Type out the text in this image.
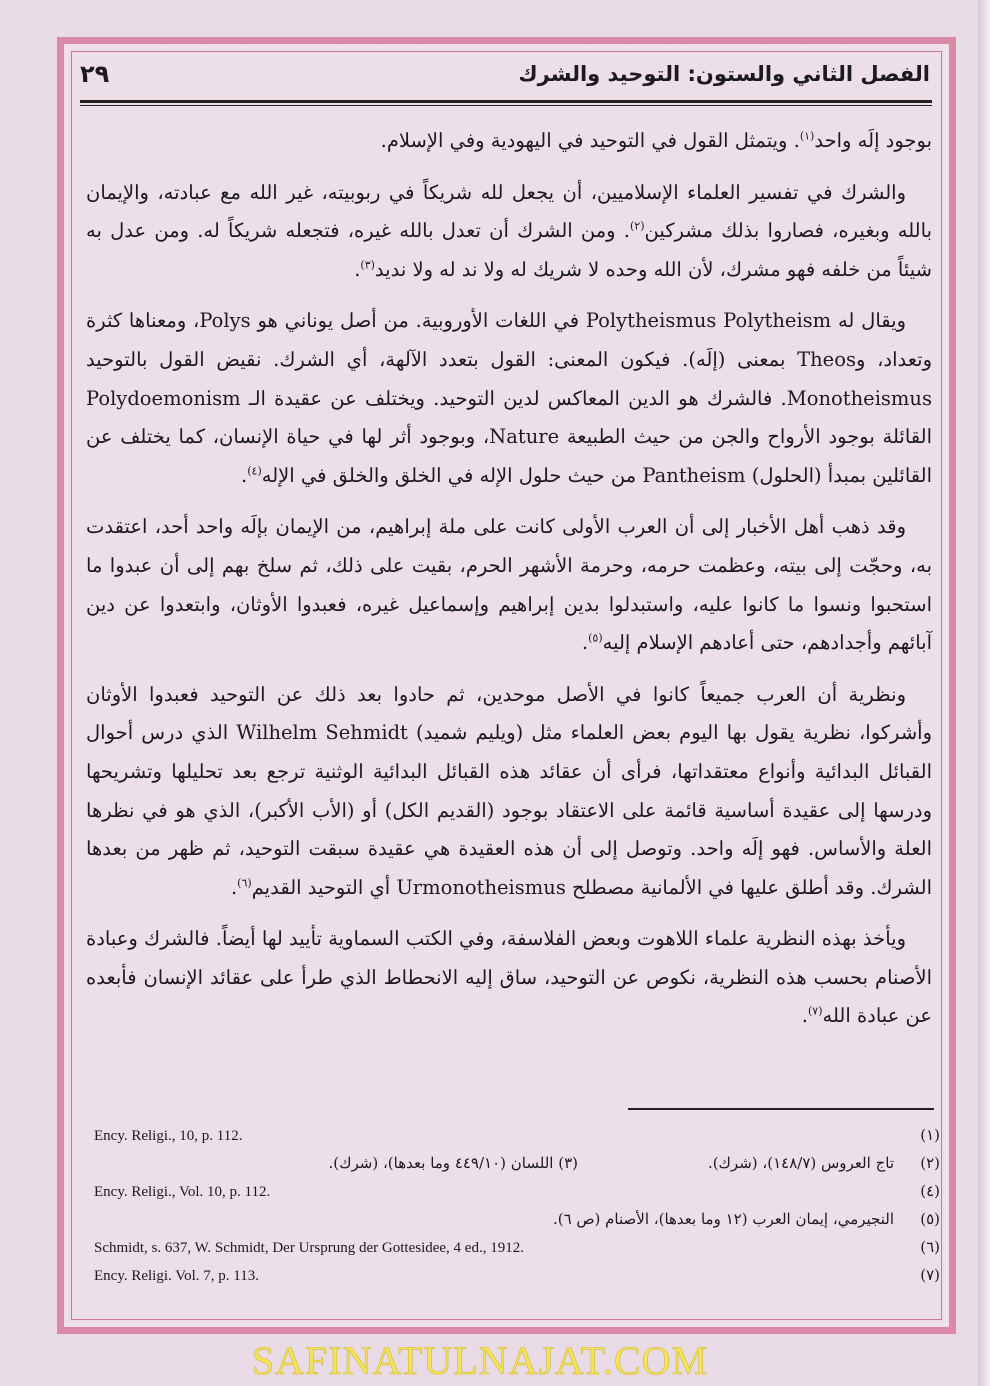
الفصل الثاني والستون: التوحيد والشرك
٢٩

بوجود إلَه واحد$^{(١)}$. ويتمثل القول في التوحيد في اليهودية وفي الإسلام.

والشرك في تفسير العلماء الإسلاميين، أن يجعل لله شريكاً في ربوبيته، غير الله مع عبادته، والإيمان بالله وبغيره، فصاروا بذلك مشركين$^{(٢)}$. ومن الشرك أن تعدل بالله غيره، فتجعله شريكاً له. ومن عدل به شيئاً من خلفه فهو مشرك، لأن الله وحده لا شريك له ولا ند له ولا نديد$^{(٣)}$.

ويقال له Polytheismus Polytheism في اللغات الأوروبية. من أصل يوناني هو Polys، ومعناها كثرة وتعداد، وTheos بمعنى (إلَه). فيكون المعنى: القول بتعدد الآلهة، أي الشرك. نقيض القول بالتوحيد Monotheismus. فالشرك هو الدين المعاكس لدين التوحيد. ويختلف عن عقيدة الـ Polydoemonism القائلة بوجود الأرواح والجن من حيث الطبيعة Nature، وبوجود أثر لها في حياة الإنسان، كما يختلف عن القائلين بمبدأ (الحلول) Pantheism من حيث حلول الإله في الخلق والخلق في الإله$^{(٤)}$.

وقد ذهب أهل الأخبار إلى أن العرب الأولى كانت على ملة إبراهيم، من الإيمان بإلَه واحد أحد، اعتقدت به، وحجّت إلى بيته، وعظمت حرمه، وحرمة الأشهر الحرم، بقيت على ذلك، ثم سلخ بهم إلى أن عبدوا ما استحبوا ونسوا ما كانوا عليه، واستبدلوا بدين إبراهيم وإسماعيل غيره، فعبدوا الأوثان، وابتعدوا عن دين آبائهم وأجدادهم، حتى أعادهم الإسلام إليه$^{(٥)}$.

ونظرية أن العرب جميعاً كانوا في الأصل موحدين، ثم حادوا بعد ذلك عن التوحيد فعبدوا الأوثان وأشركوا، نظرية يقول بها اليوم بعض العلماء مثل (ويليم شميد) Wilhelm Sehmidt الذي درس أحوال القبائل البدائية وأنواع معتقداتها، فرأى أن عقائد هذه القبائل البدائية الوثنية ترجع بعد تحليلها وتشريحها ودرسها إلى عقيدة أساسية قائمة على الاعتقاد بوجود (القديم الكل) أو (الأب الأكبر)، الذي هو في نظرها العلة والأساس. فهو إلَه واحد. وتوصل إلى أن هذه العقيدة هي عقيدة سبقت التوحيد، ثم ظهر من بعدها الشرك. وقد أطلق عليها في الألمانية مصطلح Urmonotheismus أي التوحيد القديم$^{(٦)}$.

ويأخذ بهذه النظرية علماء اللاهوت وبعض الفلاسفة، وفي الكتب السماوية تأييد لها أيضاً. فالشرك وعبادة الأصنام بحسب هذه النظرية، نكوص عن التوحيد، ساق إليه الانحطاط الذي طرأ على عقائد الإنسان فأبعده عن عبادة الله$^{(٧)}$.

(١)
Ency. Religi., 10, p. 112.
(٢)
تاج العروس (١٤٨/٧)، (شرك).
(٣) اللسان (٤٤٩/١٠ وما بعدها)، (شرك).
(٤)
Ency. Religi., Vol. 10, p. 112.
(٥)
النجيرمي، إيمان العرب (١٢ وما بعدها)، الأصنام (ص ٦).
(٦)
Schmidt, s. 637, W. Schmidt, Der Ursprung der Gottesidee, 4 ed., 1912.
(٧)
Ency. Religi. Vol. 7, p. 113.
SAFINATULNAJAT.COM
